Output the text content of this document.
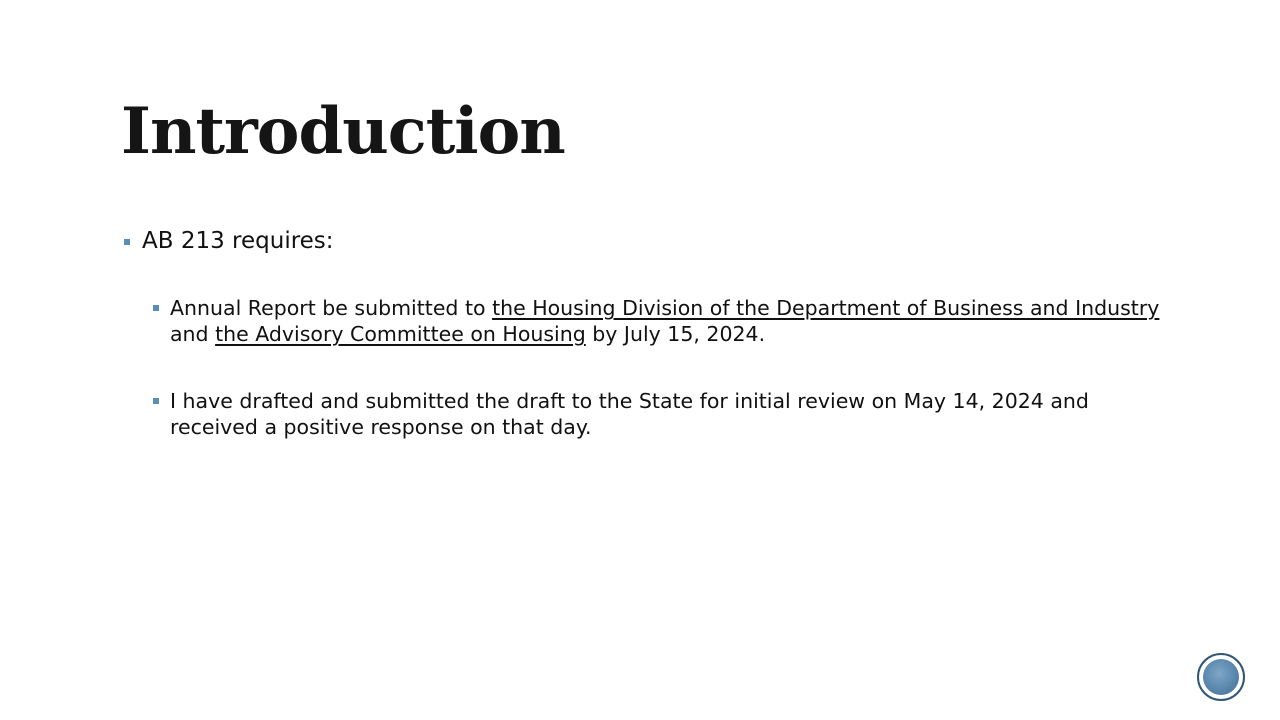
Introduction
AB 213 requires:
Annual Report be submitted to the Housing Division of the Department of Business and Industry and the Advisory Committee on Housing by July 15, 2024.
I have drafted and submitted the draft to the State for initial review on May 14, 2024 and received a positive response on that day.
